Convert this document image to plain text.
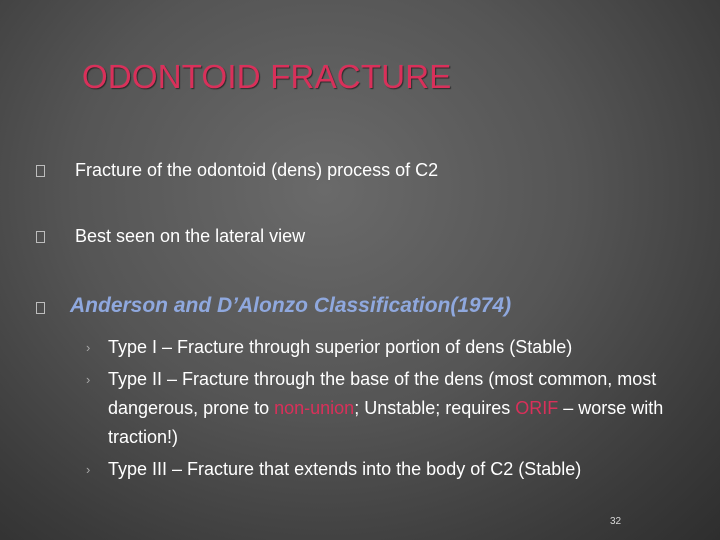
ODONTOID FRACTURE
Fracture of the odontoid (dens) process of C2
Best seen on the lateral view
Anderson and D’Alonzo Classification(1974)
› Type I – Fracture through superior portion of dens (Stable)
› Type II – Fracture through the base of the dens (most common, most dangerous, prone to non-union; Unstable; requires ORIF – worse with traction!)
› Type III – Fracture that extends into the body of C2 (Stable)
32
